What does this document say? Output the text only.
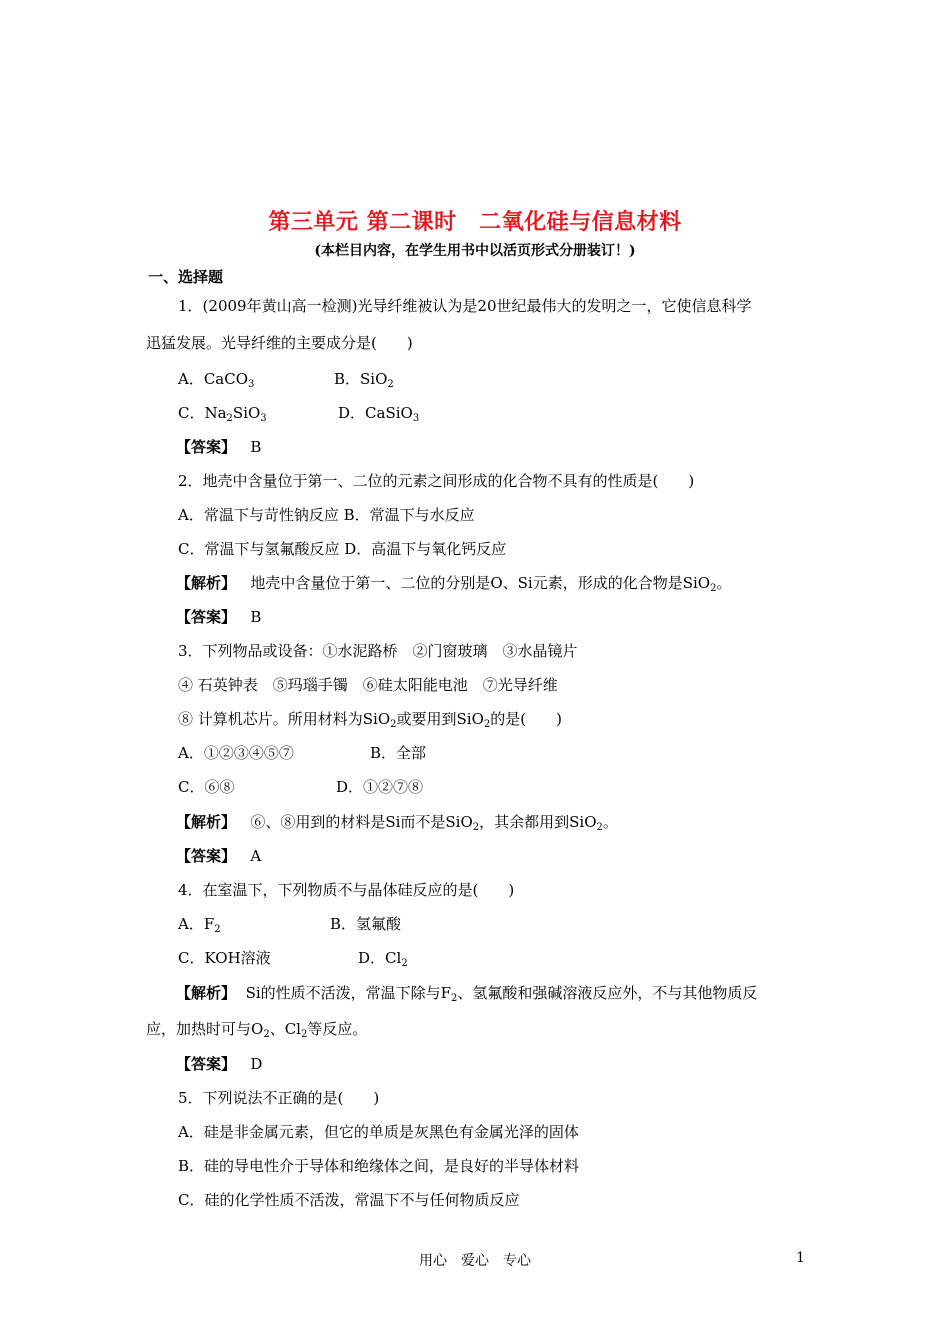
第三单元 第二课时　二氧化硅与信息材料
(本栏目内容，在学生用书中以活页形式分册装订！)
一、选择题
1．(2009年黄山高一检测)光导纤维被认为是20世纪最伟大的发明之一，它使信息科学
迅猛发展。光导纤维的主要成分是(　　)
A．CaCO$_3$	B．SiO$_2$
C．$Na_2SiO_3$	D．CaSiO$_3$
【答案】 B
2．地壳中含量位于第一、二位的元素之间形成的化合物不具有的性质是(　　)
A．常温下与苛性钠反应 B．常温下与水反应
C．常温下与氢氟酸反应 D．高温下与氧化钙反应
【解析】 地壳中含量位于第一、二位的分别是O、Si元素，形成的化合物是SiO$_2$。
【答案】 B
3．下列物品或设备：①水泥路桥　②门窗玻璃　③水晶镜片
④ 石英钟表　⑤玛瑙手镯　⑥硅太阳能电池　⑦光导纤维
⑧ 计算机芯片。所用材料为SiO$_2$或要用到SiO$_2$的是(　　)
A．①②③④⑤⑦	B．全部
C．⑥⑧	D．①②⑦⑧
【解析】 ⑥、⑧用到的材料是Si而不是SiO$_2$，其余都用到SiO$_2$。
【答案】 A
4．在室温下，下列物质不与晶体硅反应的是(　　)
A．$F_2$	B．氢氟酸
C．KOH溶液	D．$Cl_2$
【解析】 Si的性质不活泼，常温下除与$F_2$、氢氟酸和强碱溶液反应外，不与其他物质反
应，加热时可与$O_2$、$Cl_2$等反应。
【答案】 D
5．下列说法不正确的是(　　)
A．硅是非金属元素，但它的单质是灰黑色有金属光泽的固体
B．硅的导电性介于导体和绝缘体之间，是良好的半导体材料
C．硅的化学性质不活泼，常温下不与任何物质反应
用心　爱心　专心	1
